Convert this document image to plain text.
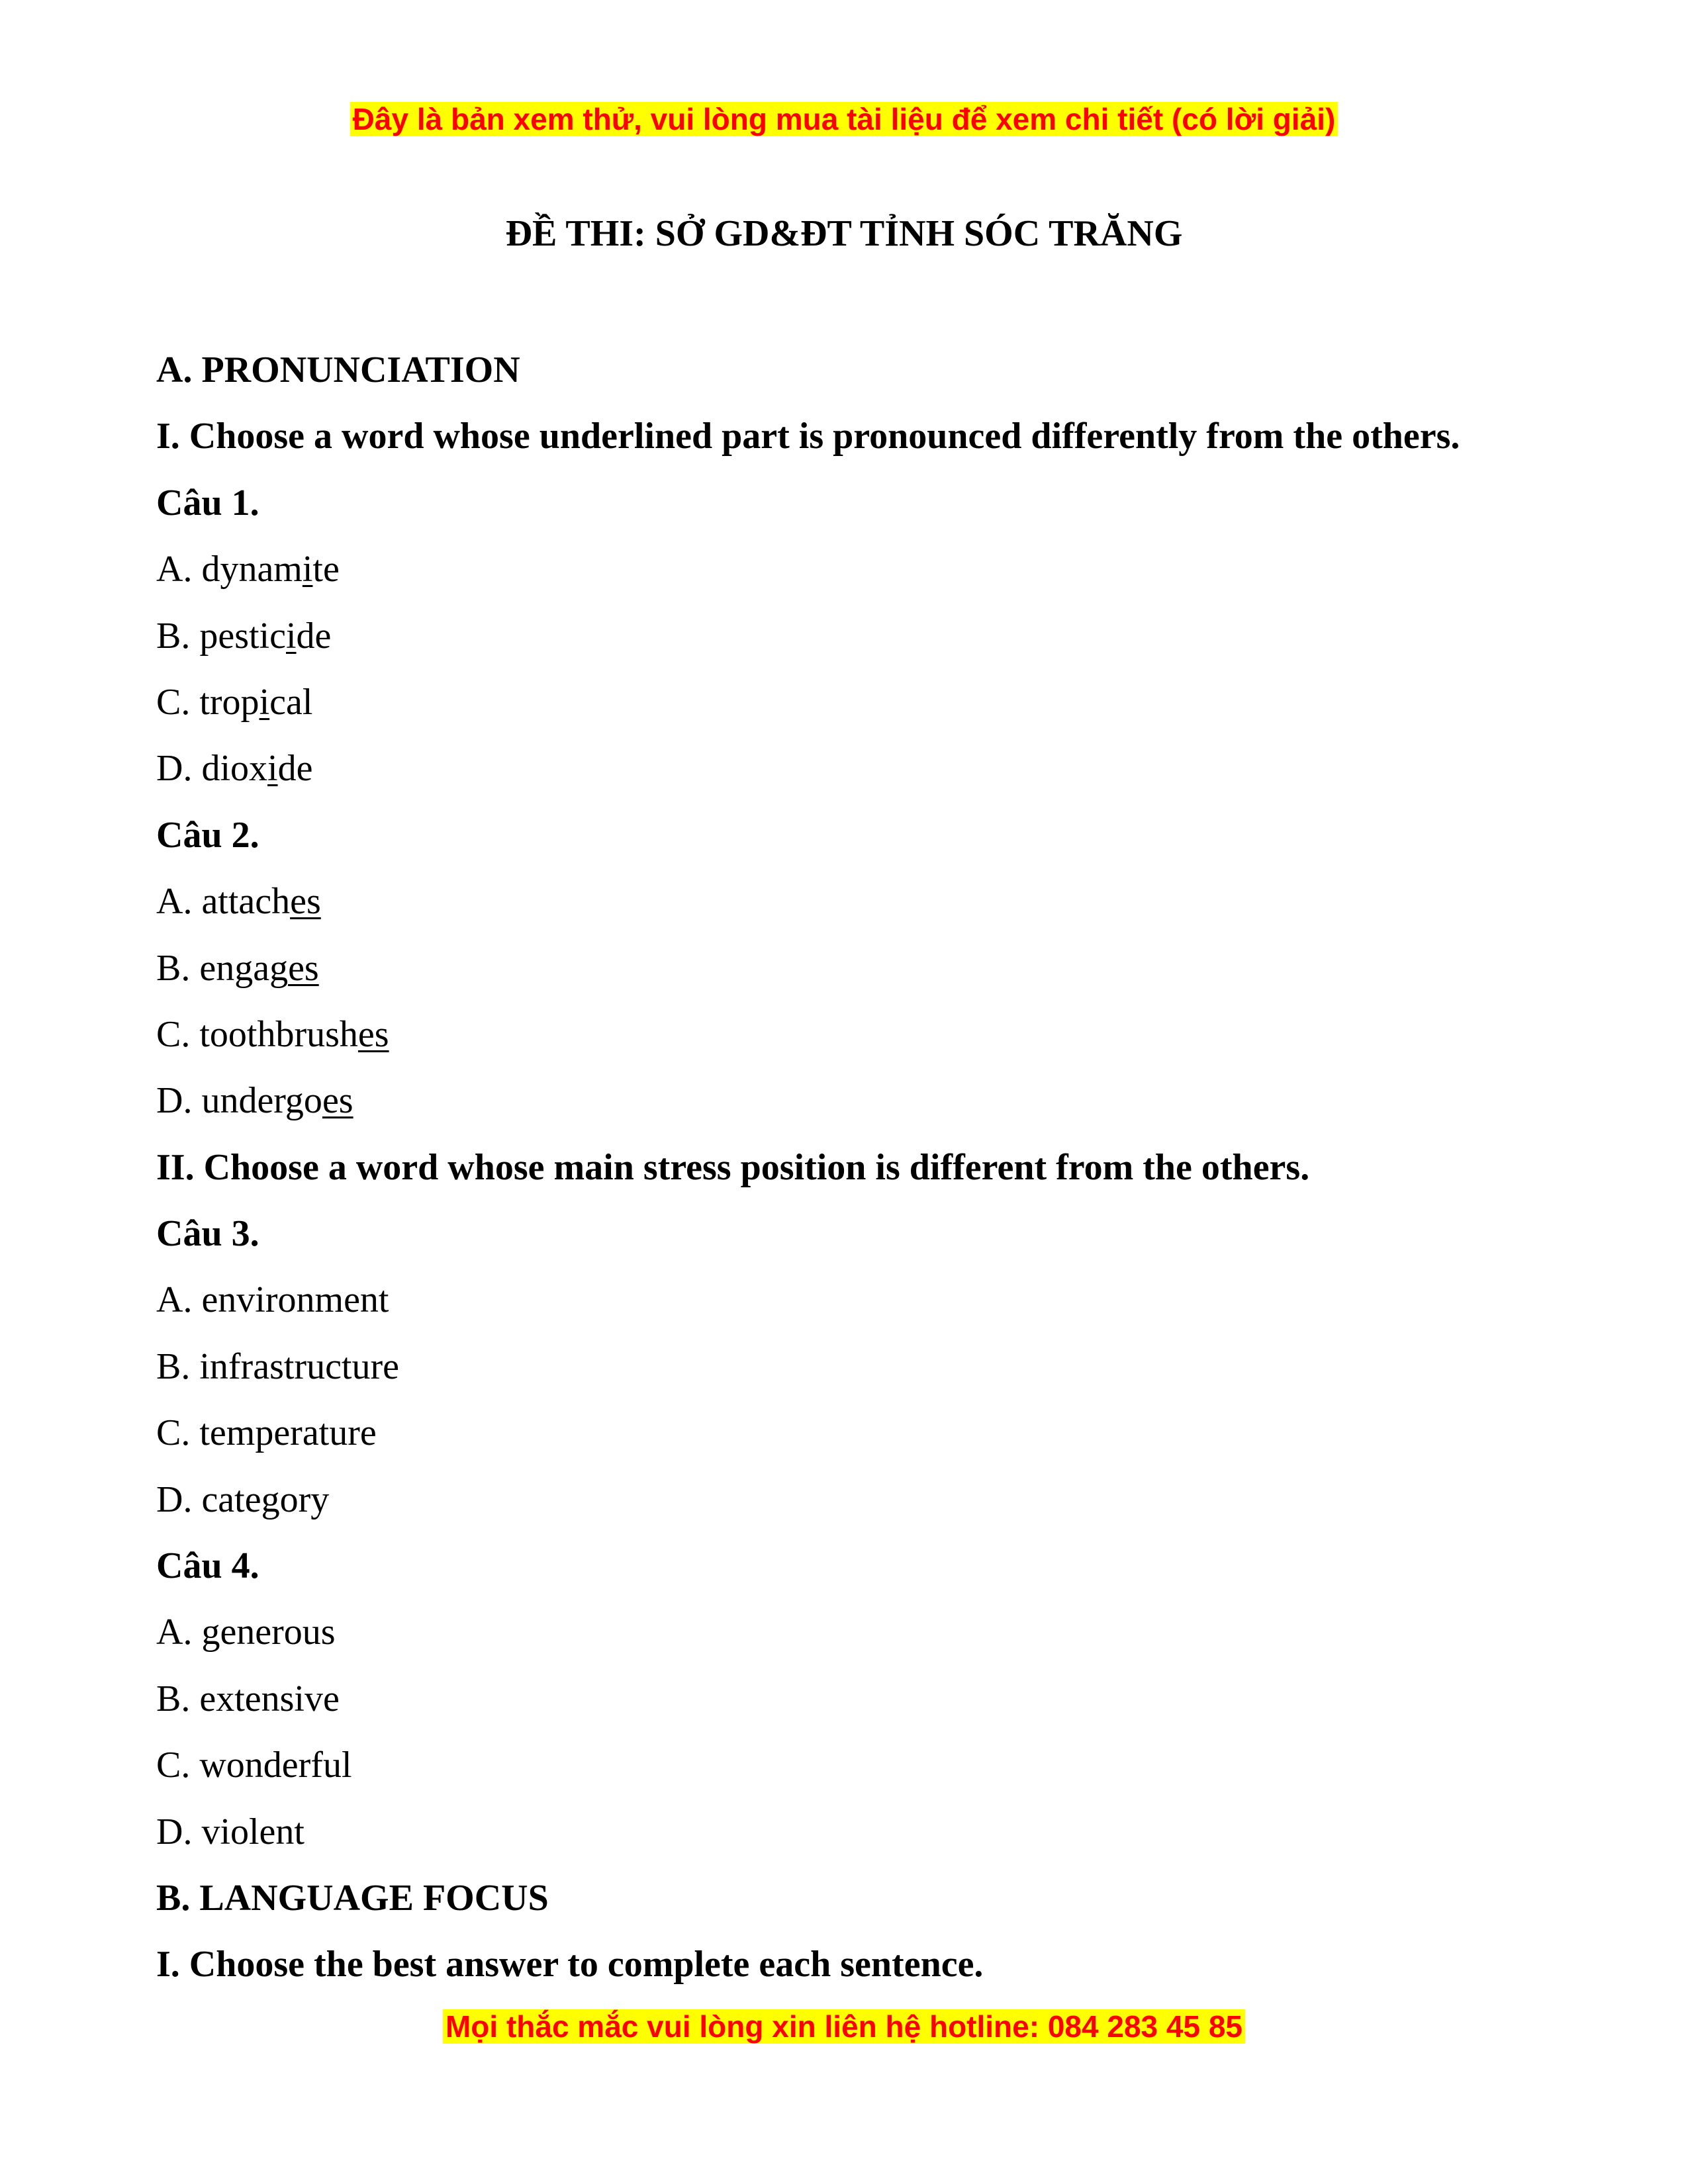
Đây là bản xem thử, vui lòng mua tài liệu để xem chi tiết (có lời giải)
ĐỀ THI: SỞ GD&ĐT TỈNH SÓC TRĂNG
A. PRONUNCIATION
I. Choose a word whose underlined part is pronounced differently from the others.
Câu 1.
A. dynamite
B. pesticide
C. tropical
D. dioxide
Câu 2.
A. attaches
B. engages
C. toothbrushes
D. undergoes
II. Choose a word whose main stress position is different from the others.
Câu 3.
A. environment
B. infrastructure
C. temperature
D. category
Câu 4.
A. generous
B. extensive
C. wonderful
D. violent
B. LANGUAGE FOCUS
I. Choose the best answer to complete each sentence.
Mọi thắc mắc vui lòng xin liên hệ hotline: 084 283 45 85
